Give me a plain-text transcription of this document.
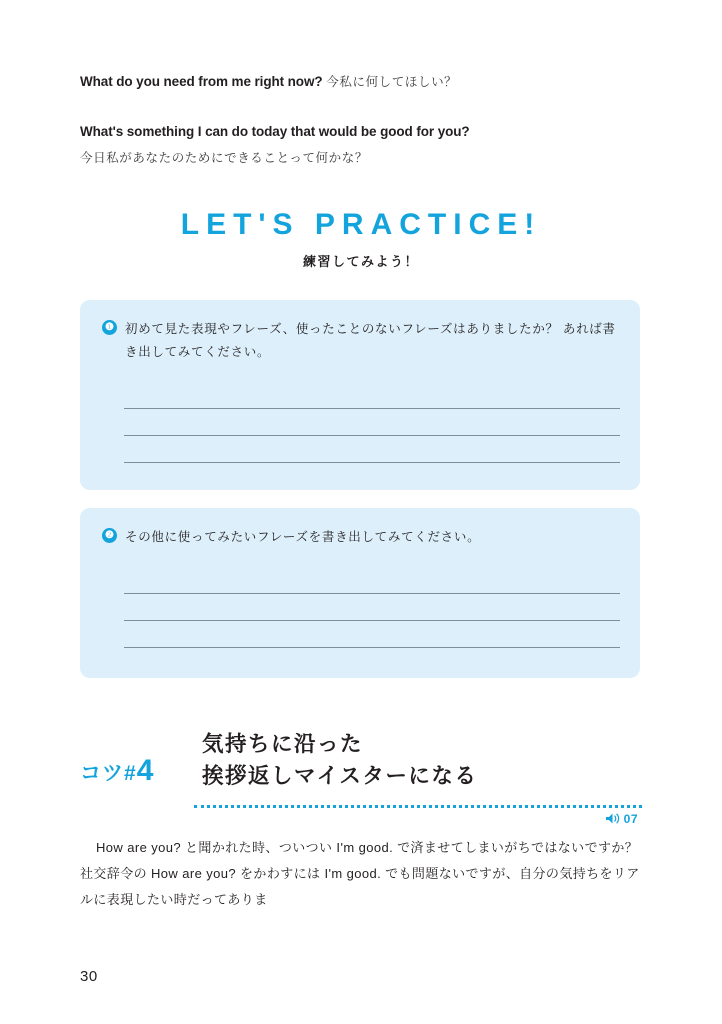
What do you need from me right now? 今私に何してほしい？
What's something I can do today that would be good for you?
今日私があなたのためにできることって何かな？
LET'S PRACTICE!
練習してみよう！
❶ 初めて見た表現やフレーズ、使ったことのないフレーズはありましたか？ あれば書き出してみてください。
❷ その他に使ってみたいフレーズを書き出してみてください。
コツ#4
気持ちに沿った
挨拶返しマイスターになる
07
How are you? と聞かれた時、ついつい I'm good. で済ませてしまいがちではないですか？ 社交辞令の How are you? をかわすには I'm good. でも問題ないですが、自分の気持ちをリアルに表現したい時だってありま
30
